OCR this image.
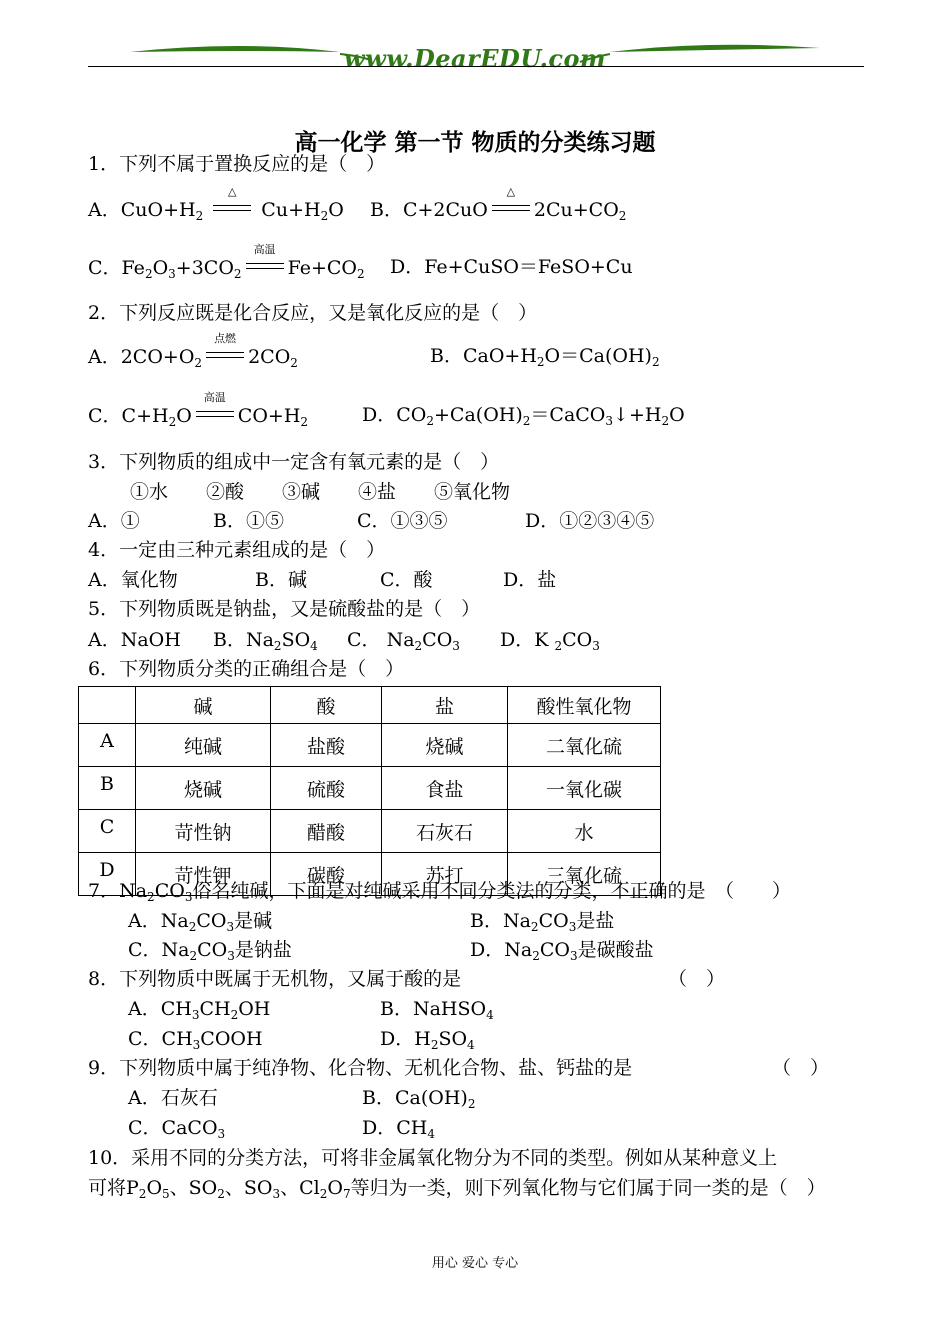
www.DearEDU.com
高一化学 第一节 物质的分类练习题
1．下列不属于置换反应的是（　）
A．$CuO+H_2$
△
$Cu+H_2O$ B．C+2CuO
△
$2Cu+CO_2$
C．$Fe_2O_3+3CO_2$
高温
$Fe+CO_2$ D．Fe+CuSO＝FeSO+Cu
2．下列反应既是化合反应，又是氧化反应的是（　）
A．$2CO+O_2$
点燃
$2CO_2$	B．$CaO+H_2O=Ca(OH)_2$
C．$C+H_2O$
高温
$CO+H_2$	D．$CO_2+Ca(OH)_2=CaCO_3↓+H_2O$
3．下列物质的组成中一定含有氧元素的是（　）
①水　　②酸　　③碱　　④盐　　⑤氧化物
A．①	B．①⑤	C．①③⑤	D．①②③④⑤
4．一定由三种元素组成的是（　）
A．氧化物	B．碱	C．酸	D．盐
5．下列物质既是钠盐，又是硫酸盐的是（　）
A．NaOH B．$Na_2SO_4$ C． $Na_2CO_3$ D．K $_2CO_3$
6．下列物质分类的正确组合是（　）
	碱	酸	盐	酸性氧化物
A	纯碱	盐酸	烧碱	二氧化硫
B	烧碱	硫酸	食盐	一氧化碳
C	苛性钠	醋酸	石灰石	水
D	苛性钾	碳酸	苏打	三氧化硫
7．$Na_2CO_3$俗名纯碱，下面是对纯碱采用不同分类法的分类，不正确的是　（　　）
A．$Na_2CO_3$是碱	B．$Na_2CO_3$是盐
C．$Na_2CO_3$是钠盐	D．$Na_2CO_3$是碳酸盐
8．下列物质中既属于无机物，又属于酸的是	（　）
A．$CH_3CH_2OH$	B．NaHSO$_4$
C．$CH_3COOH$	D．$H_2SO_4$
9．下列物质中属于纯净物、化合物、无机化合物、盐、钙盐的是	（　）
A．石灰石	B．$Ca(OH)_2$
C．CaCO$_3$	D．$CH_4$
10．采用不同的分类方法，可将非金属氧化物分为不同的类型。例如从某种意义上
可将$P_2O_5$、$SO_2$、$SO_3$、$Cl_2O_7$等归为一类，则下列氧化物与它们属于同一类的是（　）
用心 爱心 专心
